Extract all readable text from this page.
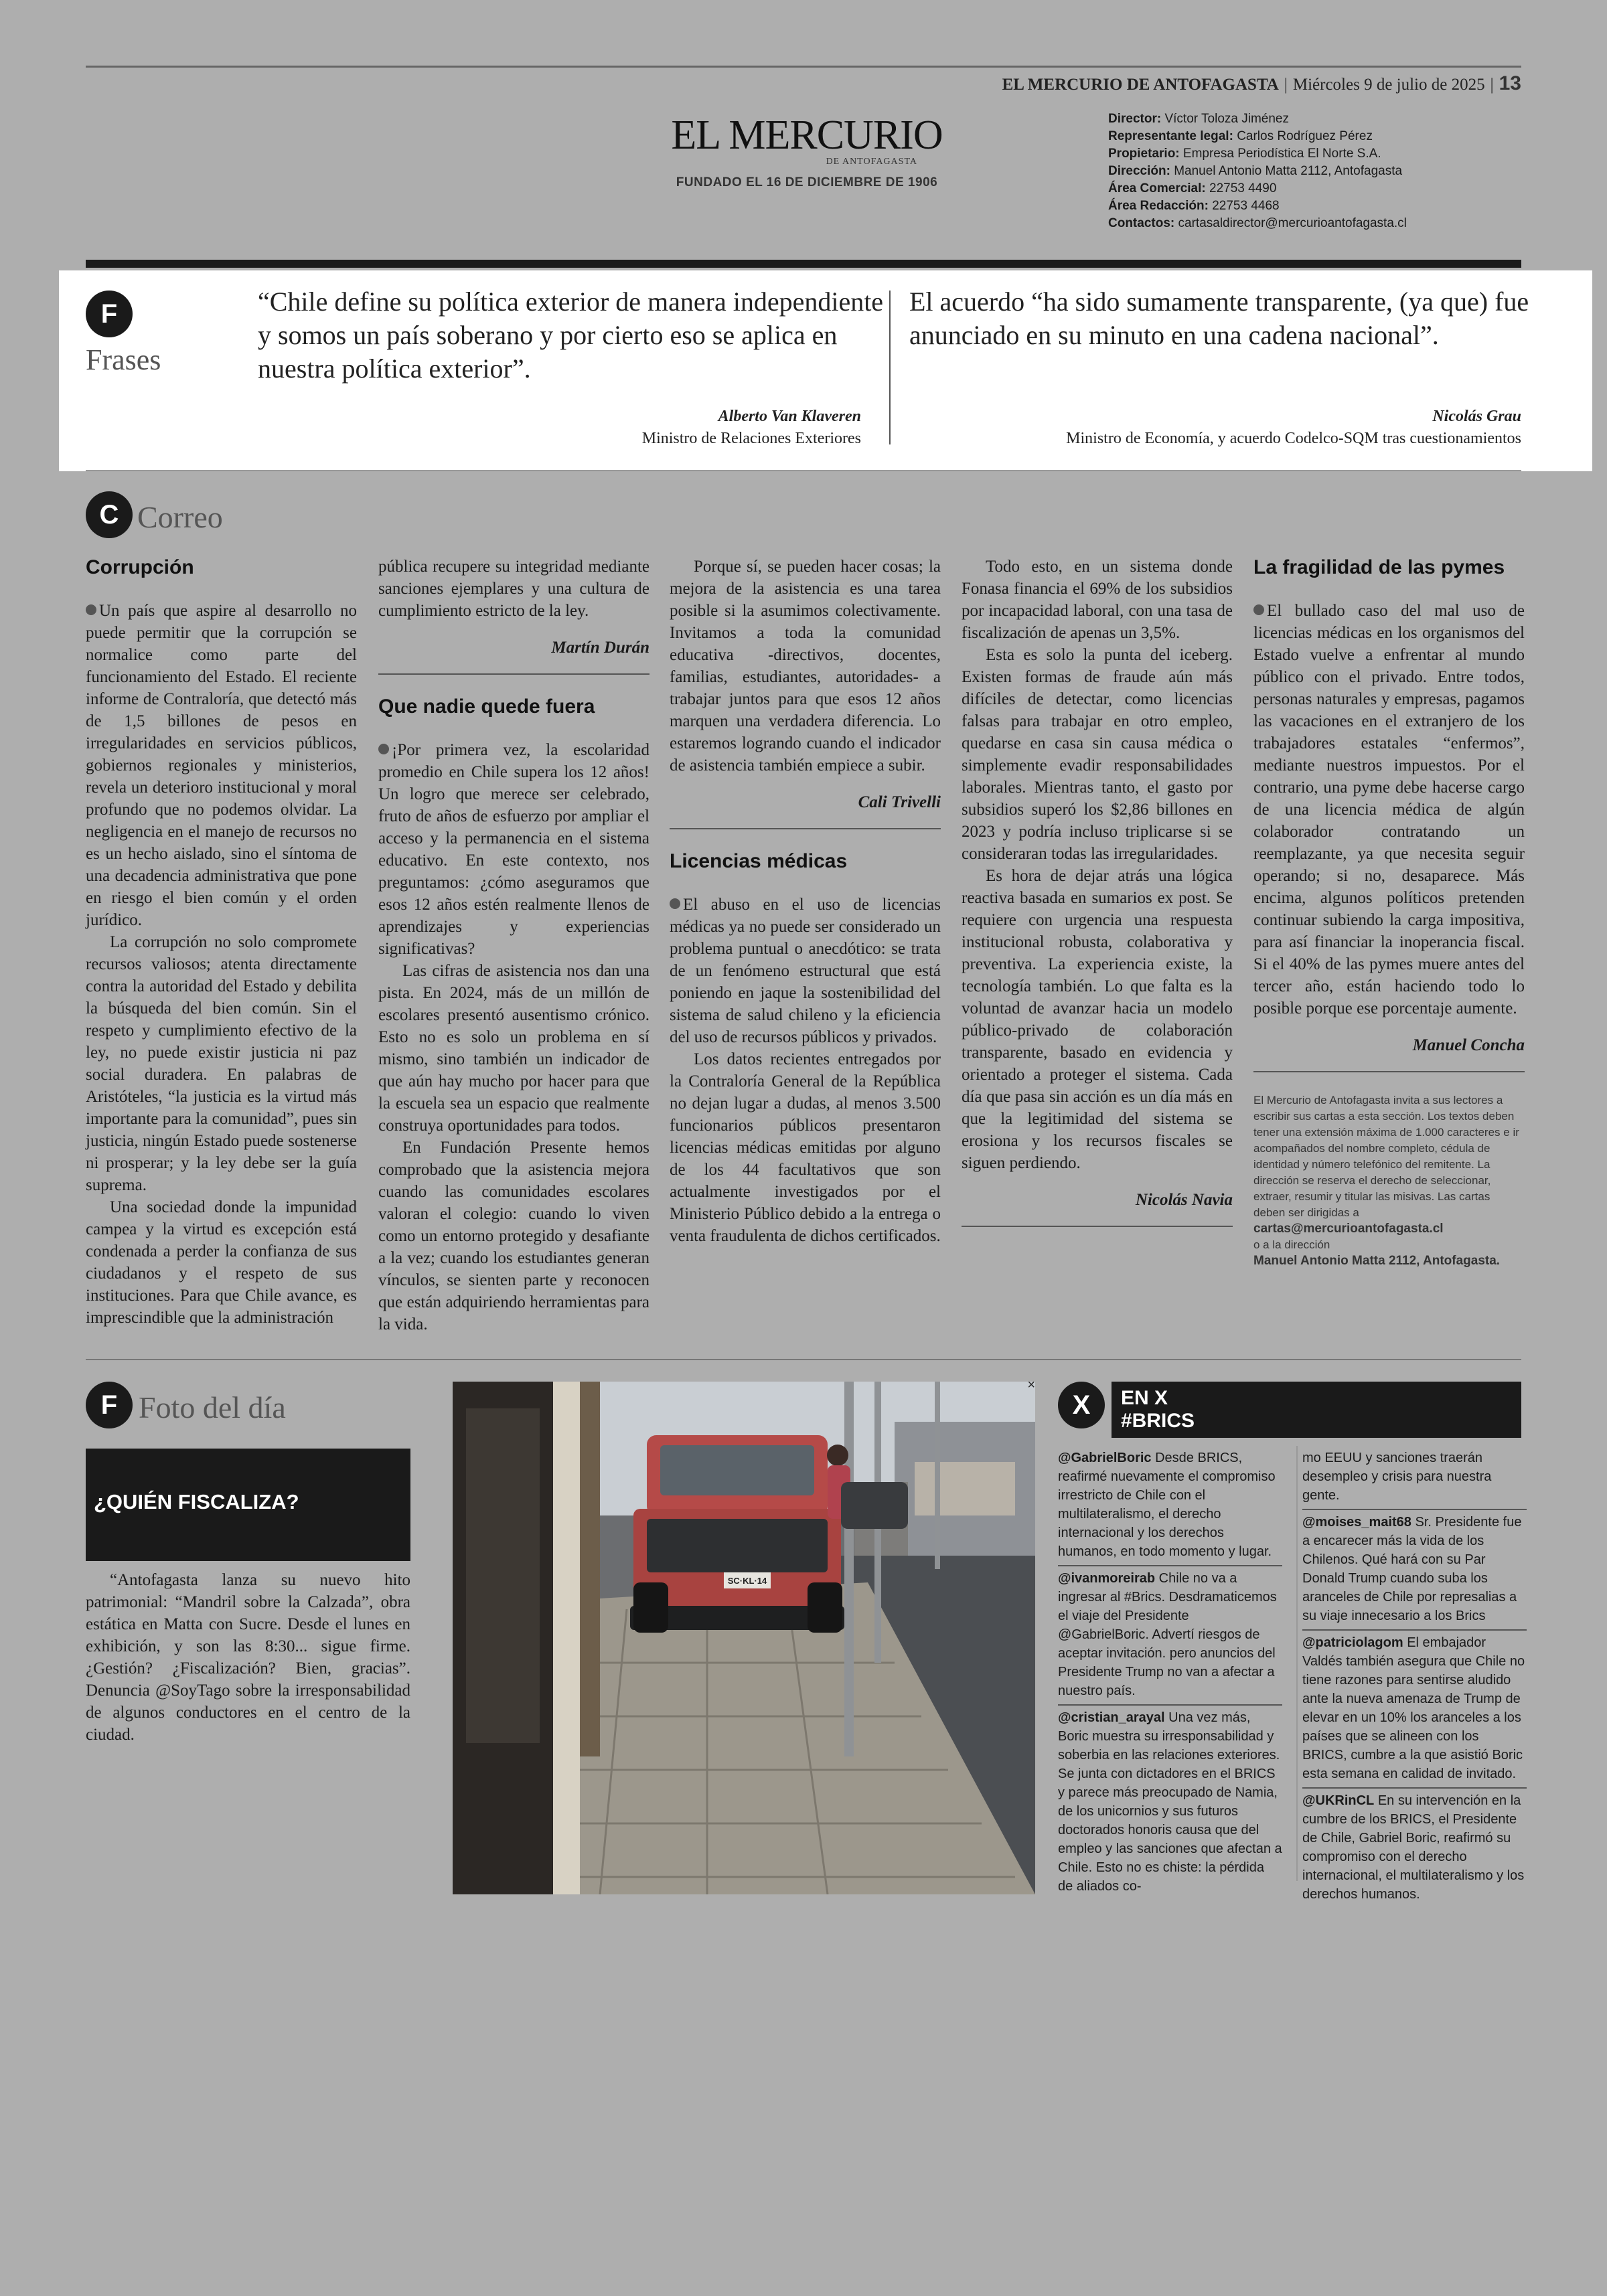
EL MERCURIO DE ANTOFAGASTA | Miércoles 9 de julio de 2025 | 13
EL MERCURIO
DE ANTOFAGASTA
FUNDADO EL 16 DE DICIEMBRE DE 1906
Director: Víctor Toloza Jiménez
Representante legal: Carlos Rodríguez Pérez
Propietario: Empresa Periodística El Norte S.A.
Dirección: Manuel Antonio Matta 2112, Antofagasta
Área Comercial: 22753 4490
Área Redacción: 22753 4468
Contactos: cartasaldirector@mercurioantofagasta.cl
F
Frases
“Chile define su política exterior de manera independiente y somos un país soberano y por cierto eso se aplica en nuestra política exterior”.
Alberto Van Klaveren
Ministro de Relaciones Exteriores
El acuerdo “ha sido sumamente transparente, (ya que) fue anunciado en su minuto en una cadena nacional”.
Nicolás Grau
Ministro de Economía, y acuerdo Codelco-SQM tras cuestionamientos
C Correo
Corrupción

Un país que aspire al desarrollo no puede permitir que la corrupción se normalice como parte del funcionamiento del Estado. El reciente informe de Contraloría, que detectó más de 1,5 billones de pesos en irregularidades en servicios públicos, gobiernos regionales y ministerios, revela un deterioro institucional y moral profundo que no podemos olvidar. La negligencia en el manejo de recursos no es un hecho aislado, sino el síntoma de una decadencia administrativa que pone en riesgo el bien común y el orden jurídico.

La corrupción no solo compromete recursos valiosos; atenta directamente contra la autoridad del Estado y debilita la búsqueda del bien común. Sin el respeto y cumplimiento efectivo de la ley, no puede existir justicia ni paz social duradera. En palabras de Aristóteles, “la justicia es la virtud más importante para la comunidad”, pues sin justicia, ningún Estado puede sostenerse ni prosperar; y la ley debe ser la guía suprema.

Una sociedad donde la impunidad campea y la virtud es excepción está condenada a perder la confianza de sus ciudadanos y el respeto de sus instituciones. Para que Chile avance, es imprescindible que la administración

pública recupere su integridad mediante sanciones ejemplares y una cultura de cumplimiento estricto de la ley.

Martín Durán
Que nadie quede fuera

¡Por primera vez, la escolaridad promedio en Chile supera los 12 años! Un logro que merece ser celebrado, fruto de años de esfuerzo por ampliar el acceso y la permanencia en el sistema educativo. En este contexto, nos preguntamos: ¿cómo aseguramos que esos 12 años estén realmente llenos de aprendizajes y experiencias significativas?

Las cifras de asistencia nos dan una pista. En 2024, más de un millón de escolares presentó ausentismo crónico. Esto no es solo un problema en sí mismo, sino también un indicador de que aún hay mucho por hacer para que la escuela sea un espacio que realmente construya oportunidades para todos.

En Fundación Presente hemos comprobado que la asistencia mejora cuando las comunidades escolares valoran el colegio: cuando lo viven como un entorno protegido y desafiante a la vez; cuando los estudiantes generan vínculos, se sienten parte y reconocen que están adquiriendo herramientas para la vida.

Porque sí, se pueden hacer cosas; la mejora de la asistencia es una tarea posible si la asumimos colectivamente. Invitamos a toda la comunidad educativa -directivos, docentes, familias, estudiantes, autoridades- a trabajar juntos para que esos 12 años marquen una verdadera diferencia. Lo estaremos logrando cuando el indicador de asistencia también empiece a subir.

Cali Trivelli
Licencias médicas

El abuso en el uso de licencias médicas ya no puede ser considerado un problema puntual o anecdótico: se trata de un fenómeno estructural que está poniendo en jaque la sostenibilidad del sistema de salud chileno y la eficiencia del uso de recursos públicos y privados.

Los datos recientes entregados por la Contraloría General de la República no dejan lugar a dudas, al menos 3.500 funcionarios públicos presentaron licencias médicas emitidas por alguno de los 44 facultativos que son actualmente investigados por el Ministerio Público debido a la entrega o venta fraudulenta de dichos certificados.

Todo esto, en un sistema donde Fonasa financia el 69% de los subsidios por incapacidad laboral, con una tasa de fiscalización de apenas un 3,5%.

Esta es solo la punta del iceberg. Existen formas de fraude aún más difíciles de detectar, como licencias falsas para trabajar en otro empleo, quedarse en casa sin causa médica o simplemente evadir responsabilidades laborales. Mientras tanto, el gasto por subsidios superó los $2,86 billones en 2023 y podría incluso triplicarse si se consideraran todas las irregularidades.

Es hora de dejar atrás una lógica reactiva basada en sumarios ex post. Se requiere con urgencia una respuesta institucional robusta, colaborativa y preventiva. La experiencia existe, la tecnología también. Lo que falta es la voluntad de avanzar hacia un modelo público-privado de colaboración transparente, basado en evidencia y orientado a proteger el sistema. Cada día que pasa sin acción es un día más en que la legitimidad del sistema se erosiona y los recursos fiscales se siguen perdiendo.

Nicolás Navia
La fragilidad de las pymes

El bullado caso del mal uso de licencias médicas en los organismos del Estado vuelve a enfrentar al mundo público con el privado. Entre todos, personas naturales y empresas, pagamos las vacaciones en el extranjero de los trabajadores estatales “enfermos”, mediante nuestros impuestos. Por el contrario, una pyme debe hacerse cargo de una licencia médica de algún colaborador contratando un reemplazante, ya que necesita seguir operando; si no, desaparece. Más encima, algunos políticos pretenden continuar subiendo la carga impositiva, para así financiar la inoperancia fiscal. Si el 40% de las pymes muere antes del tercer año, están haciendo todo lo posible porque ese porcentaje aumente.

Manuel Concha
El Mercurio de Antofagasta invita a sus lectores a escribir sus cartas a esta sección. Los textos deben tener una extensión máxima de 1.000 caracteres e ir acompañados del nombre completo, cédula de identidad y número telefónico del remitente. La dirección se reserva el derecho de seleccionar, extraer, resumir y titular las misivas. Las cartas deben ser dirigidas a
cartas@mercurioantofagasta.cl
o a la dirección
Manuel Antonio Matta 2112, Antofagasta.
F Foto del día
¿QUIÉN FISCALIZA?

“Antofagasta lanza su nuevo hito patrimonial: “Mandril sobre la Calzada”, obra estática en Matta con Sucre. Desde el lunes en exhibición, y son las 8:30... sigue firme. ¿Gestión? ¿Fiscalización? Bien, gracias”. Denuncia @SoyTago sobre la irresponsabilidad de algunos conductores en el centro de la ciudad.

×
SC·KL·14
X	EN X
#BRICS
@GabrielBoric Desde BRICS, reafirmé nuevamente el compromiso irrestricto de Chile con el multilateralismo, el derecho internacional y los derechos humanos, en todo momento y lugar.
@ivanmoreirab Chile no va a ingresar al #Brics. Desdramaticemos el viaje del Presidente @GabrielBoric. Advertí riesgos de aceptar invitación. pero anuncios del Presidente Trump no van a afectar a nuestro país.
@cristian_arayal Una vez más, Boric muestra su irresponsabilidad y soberbia en las relaciones exteriores. Se junta con dictadores en el BRICS y parece más preocupado de Namia, de los unicornios y sus futuros doctorados honoris causa que del empleo y las sanciones que afectan a Chile. Esto no es chiste: la pérdida de aliados co-
mo EEUU y sanciones traerán desempleo y crisis para nuestra gente.
@moises_mait68 Sr. Presidente fue a encarecer más la vida de los Chilenos. Qué hará con su Par Donald Trump cuando suba los aranceles de Chile por represalias a su viaje innecesario a los Brics
@patriciolagom El embajador Valdés también asegura que Chile no tiene razones para sentirse aludido ante la nueva amenaza de Trump de elevar en un 10% los aranceles a los países que se alineen con los BRICS, cumbre a la que asistió Boric esta semana en calidad de invitado.
@UKRinCL En su intervención en la cumbre de los BRICS, el Presidente de Chile, Gabriel Boric, reafirmó su compromiso con el derecho internacional, el multilateralismo y los derechos humanos.
